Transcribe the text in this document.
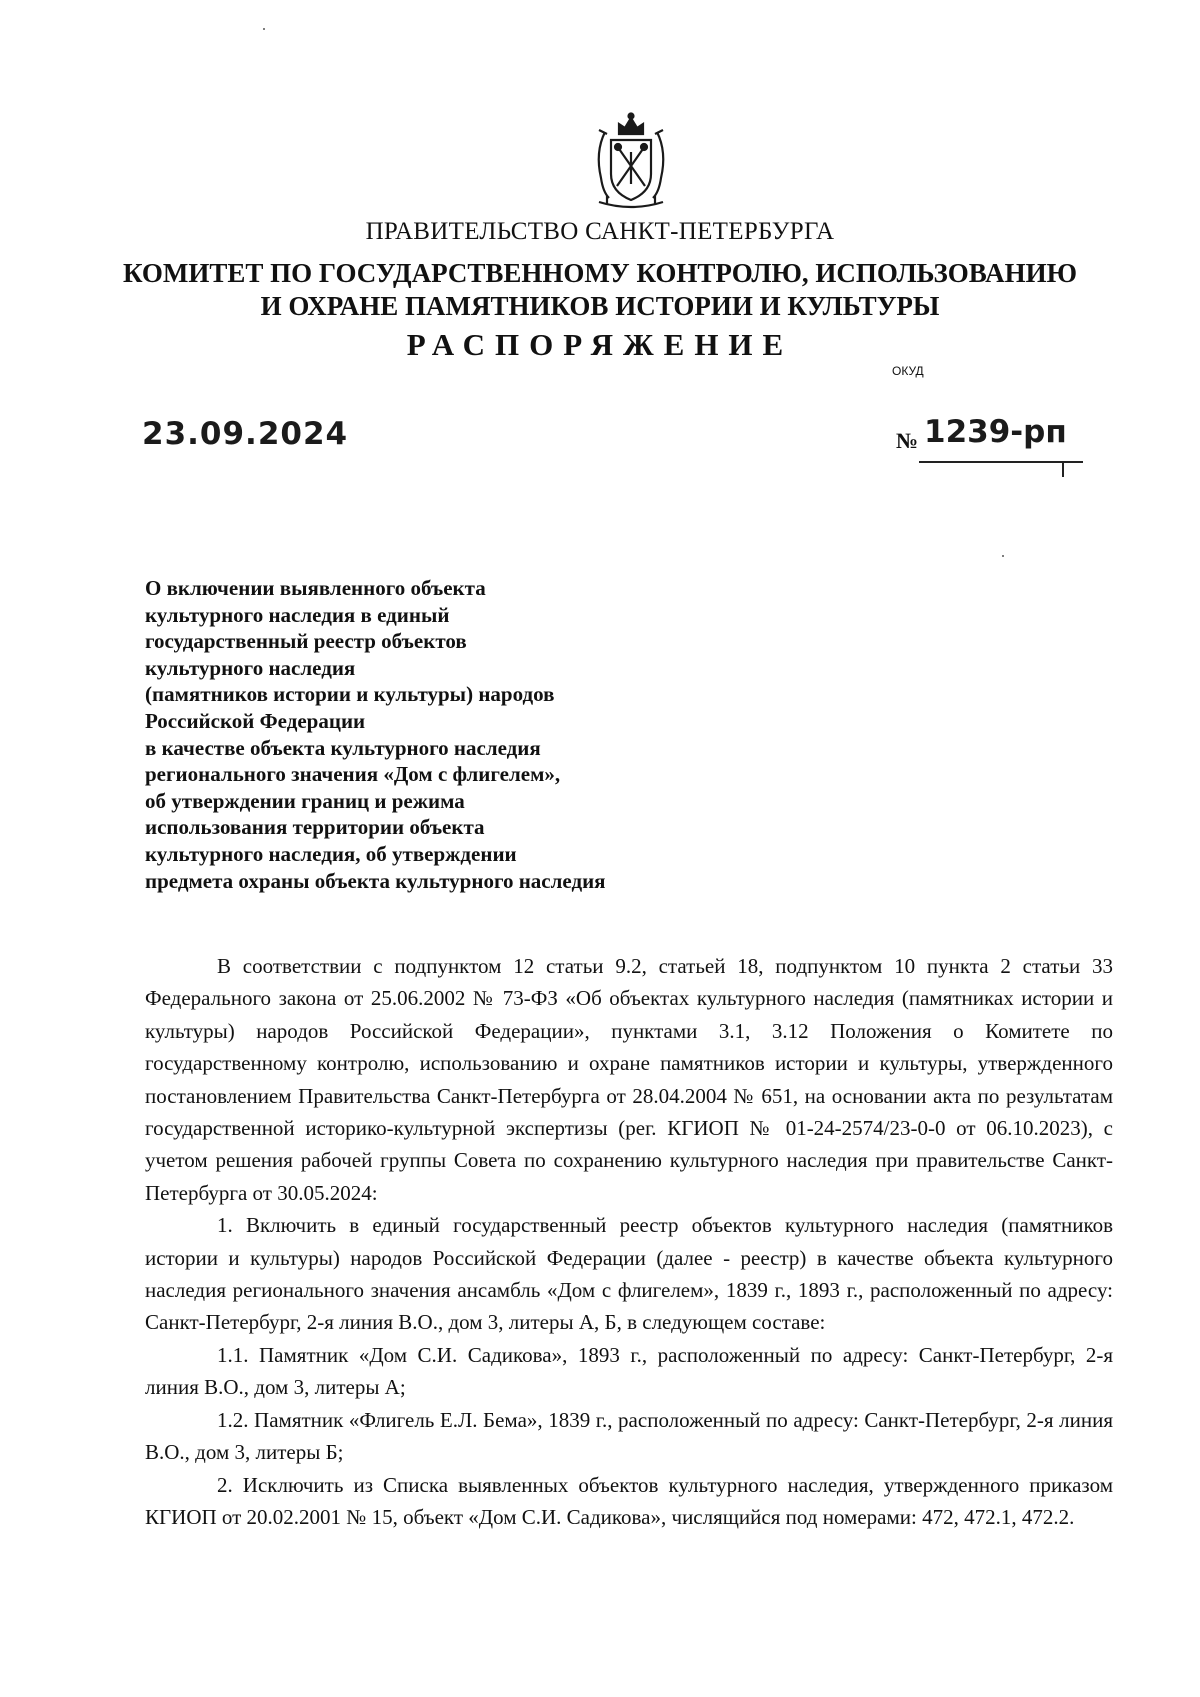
ПРАВИТЕЛЬСТВО САНКТ-ПЕТЕРБУРГА
КОМИТЕТ ПО ГОСУДАРСТВЕННОМУ КОНТРОЛЮ, ИСПОЛЬЗОВАНИЮ
И ОХРАНЕ ПАМЯТНИКОВ ИСТОРИИ И КУЛЬТУРЫ
РАСПОРЯЖЕНИЕ
ОКУД
23.09.2024	№ 1239-рп
О включении выявленного объекта
культурного наследия в единый
государственный реестр объектов
культурного наследия
(памятников истории и культуры) народов
Российской Федерации
в качестве объекта культурного наследия
регионального значения «Дом с флигелем»,
об утверждении границ и режима
использования территории объекта
культурного наследия, об утверждении
предмета охраны объекта культурного наследия

В соответствии с подпунктом 12 статьи 9.2, статьей 18, подпунктом 10 пункта 2 статьи 33 Федерального закона от 25.06.2002 № 73-ФЗ «Об объектах культурного наследия (памятниках истории и культуры) народов Российской Федерации», пунктами 3.1, 3.12 Положения о Комитете по государственному контролю, использованию и охране памятников истории и культуры, утвержденного постановлением Правительства Санкт-Петербурга от 28.04.2004 № 651, на основании акта по результатам государственной историко-культурной экспертизы (рег. КГИОП № 01-24-2574/23-0-0 от 06.10.2023), с учетом решения рабочей группы Совета по сохранению культурного наследия при правительстве Санкт-Петербурга от 30.05.2024:

1. Включить в единый государственный реестр объектов культурного наследия (памятников истории и культуры) народов Российской Федерации (далее - реестр) в качестве объекта культурного наследия регионального значения ансамбль «Дом с флигелем», 1839 г., 1893 г., расположенный по адресу: Санкт-Петербург, 2-я линия В.О., дом 3, литеры А, Б, в следующем составе:

1.1. Памятник «Дом С.И. Садикова», 1893 г., расположенный по адресу: Санкт-Петербург, 2-я линия В.О., дом 3, литеры А;

1.2. Памятник «Флигель Е.Л. Бема», 1839 г., расположенный по адресу: Санкт-Петербург, 2-я линия В.О., дом 3, литеры Б;

2. Исключить из Списка выявленных объектов культурного наследия, утвержденного приказом КГИОП от 20.02.2001 № 15, объект «Дом С.И. Садикова», числящийся под номерами: 472, 472.1, 472.2.
